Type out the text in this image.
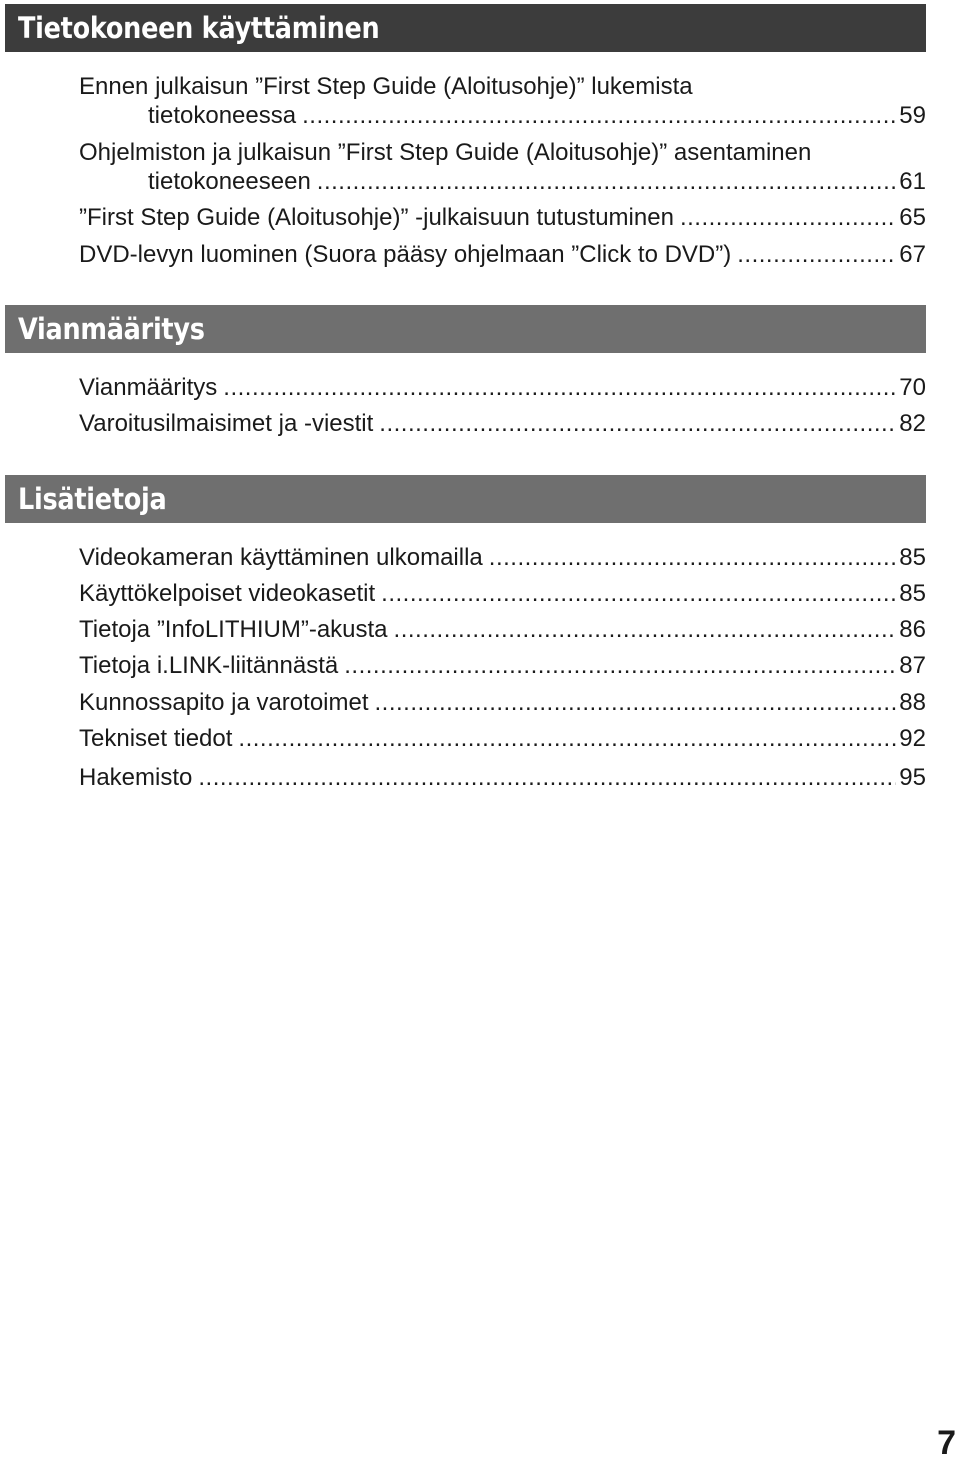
Tietokoneen käyttäminen
Ennen julkaisun ”First Step Guide (Aloitusohje)” lukemista
tietokoneessa .....	59
Ohjelmiston ja julkaisun ”First Step Guide (Aloitusohje)” asentaminen
tietokoneeseen .....	61
”First Step Guide (Aloitusohje)” -julkaisuun tutustuminen .....	65
DVD-levyn luominen (Suora pääsy ohjelmaan ”Click to DVD”) .....	67
Vianmääritys
Vianmääritys .....	70
Varoitusilmaisimet ja -viestit .....	82
Lisätietoja
Videokameran käyttäminen ulkomailla .....	85
Käyttökelpoiset videokasetit .....	85
Tietoja ”InfoLITHIUM”-akusta .....	86
Tietoja i.LINK-liitännästä .....	87
Kunnossapito ja varotoimet .....	88
Tekniset tiedot .....	92
Hakemisto .....	95
7
